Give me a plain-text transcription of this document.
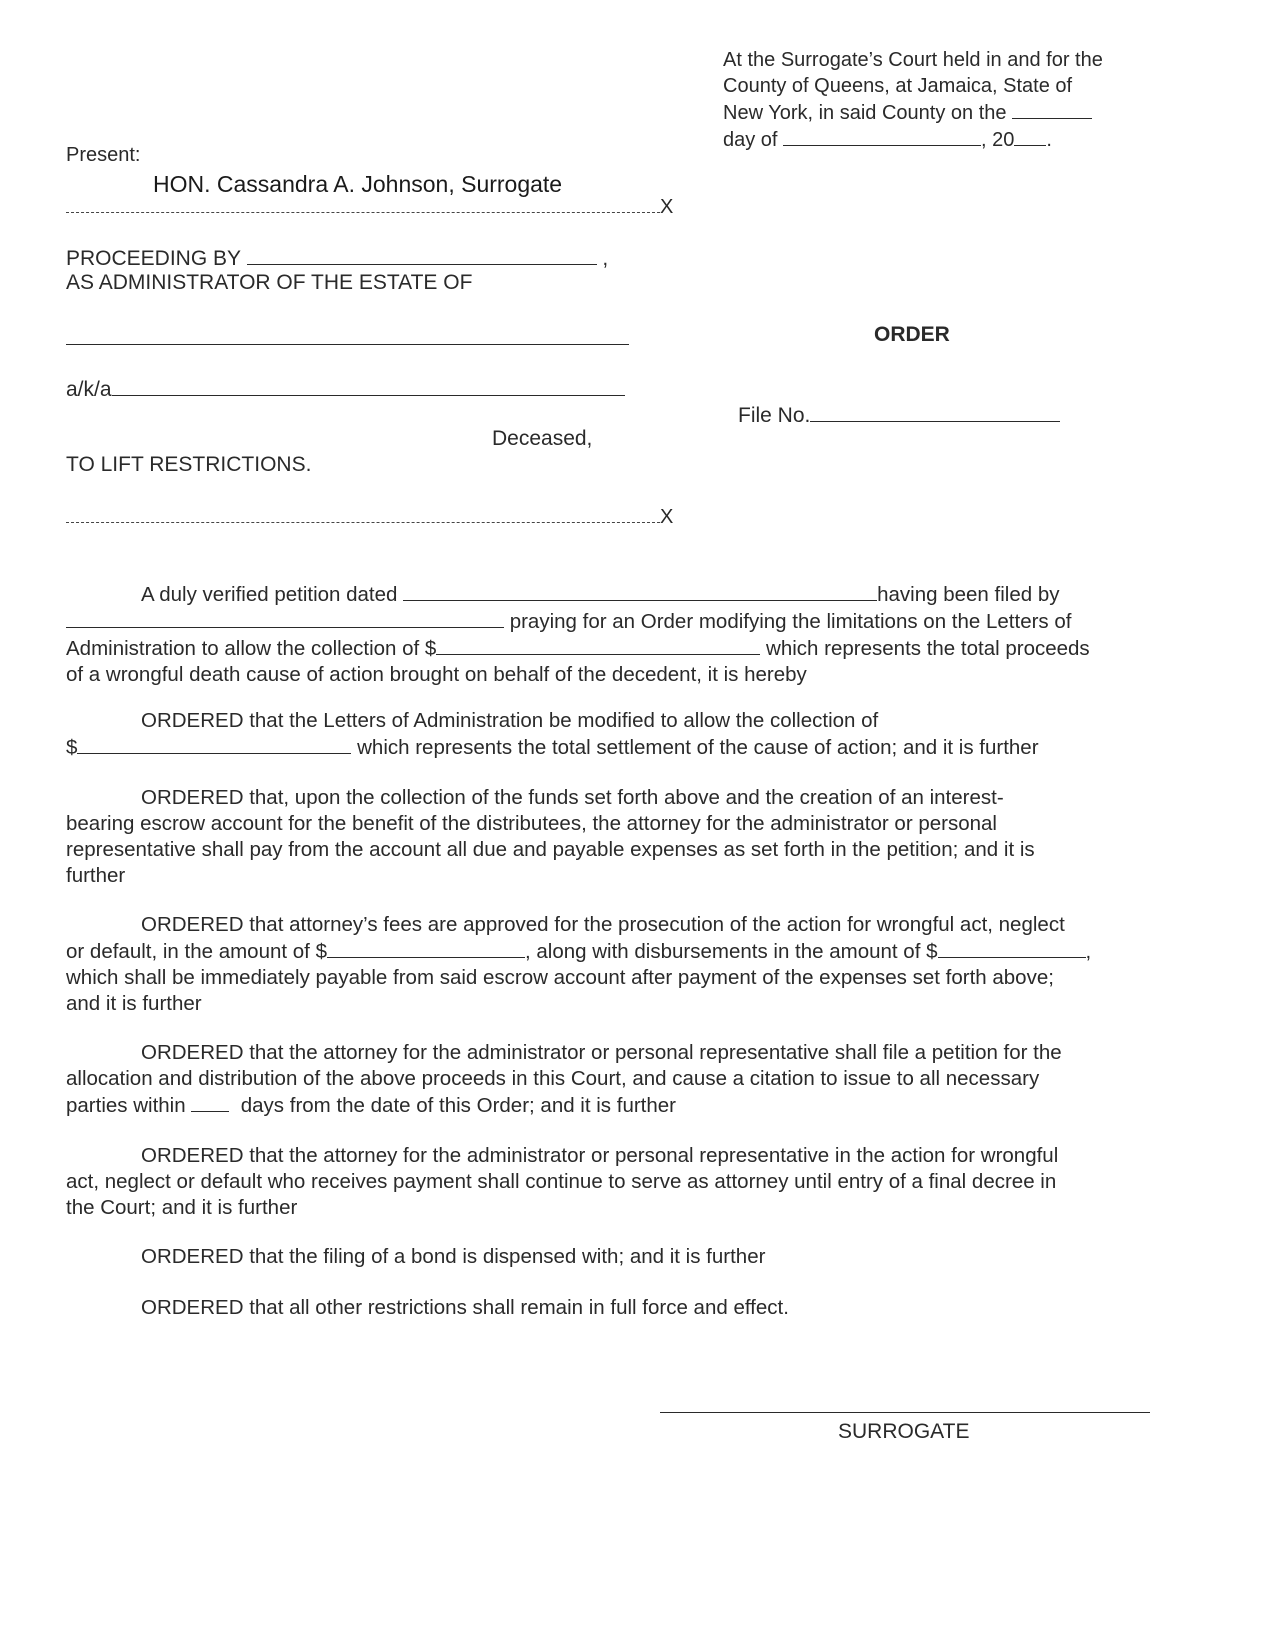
At the Surrogate’s Court held in and for the
County of Queens, at Jamaica, State of
New York, in said County on the
day of	, 20 .
Present:
HON. Cassandra A. Johnson, Surrogate
X
PROCEEDING BY	,
AS ADMINISTRATOR OF THE ESTATE OF
a/k/a
Deceased,
TO LIFT RESTRICTIONS.
X
ORDER
File No.
A duly verified petition dated	having been filed by
praying for an Order modifying the limitations on the Letters of
Administration to allow the collection of $	which represents the total proceeds
of a wrongful death cause of action brought on behalf of the decedent, it is hereby
ORDERED that the Letters of Administration be modified to allow the collection of
$	which represents the total settlement of the cause of action; and it is further
ORDERED that, upon the collection of the funds set forth above and the creation of an interest-
bearing escrow account for the benefit of the distributees, the attorney for the administrator or personal
representative shall pay from the account all due and payable expenses as set forth in the petition; and it is
further
ORDERED that attorney’s fees are approved for the prosecution of the action for wrongful act, neglect
or default, in the amount of $	, along with disbursements in the amount of $	,
which shall be immediately payable from said escrow account after payment of the expenses set forth above;
and it is further
ORDERED that the attorney for the administrator or personal representative shall file a petition for the
allocation and distribution of the above proceeds in this Court, and cause a citation to issue to all necessary
parties within	days from the date of this Order; and it is further
ORDERED that the attorney for the administrator or personal representative in the action for wrongful
act, neglect or default who receives payment shall continue to serve as attorney until entry of a final decree in
the Court; and it is further
ORDERED that the filing of a bond is dispensed with; and it is further
ORDERED that all other restrictions shall remain in full force and effect.
SURROGATE
